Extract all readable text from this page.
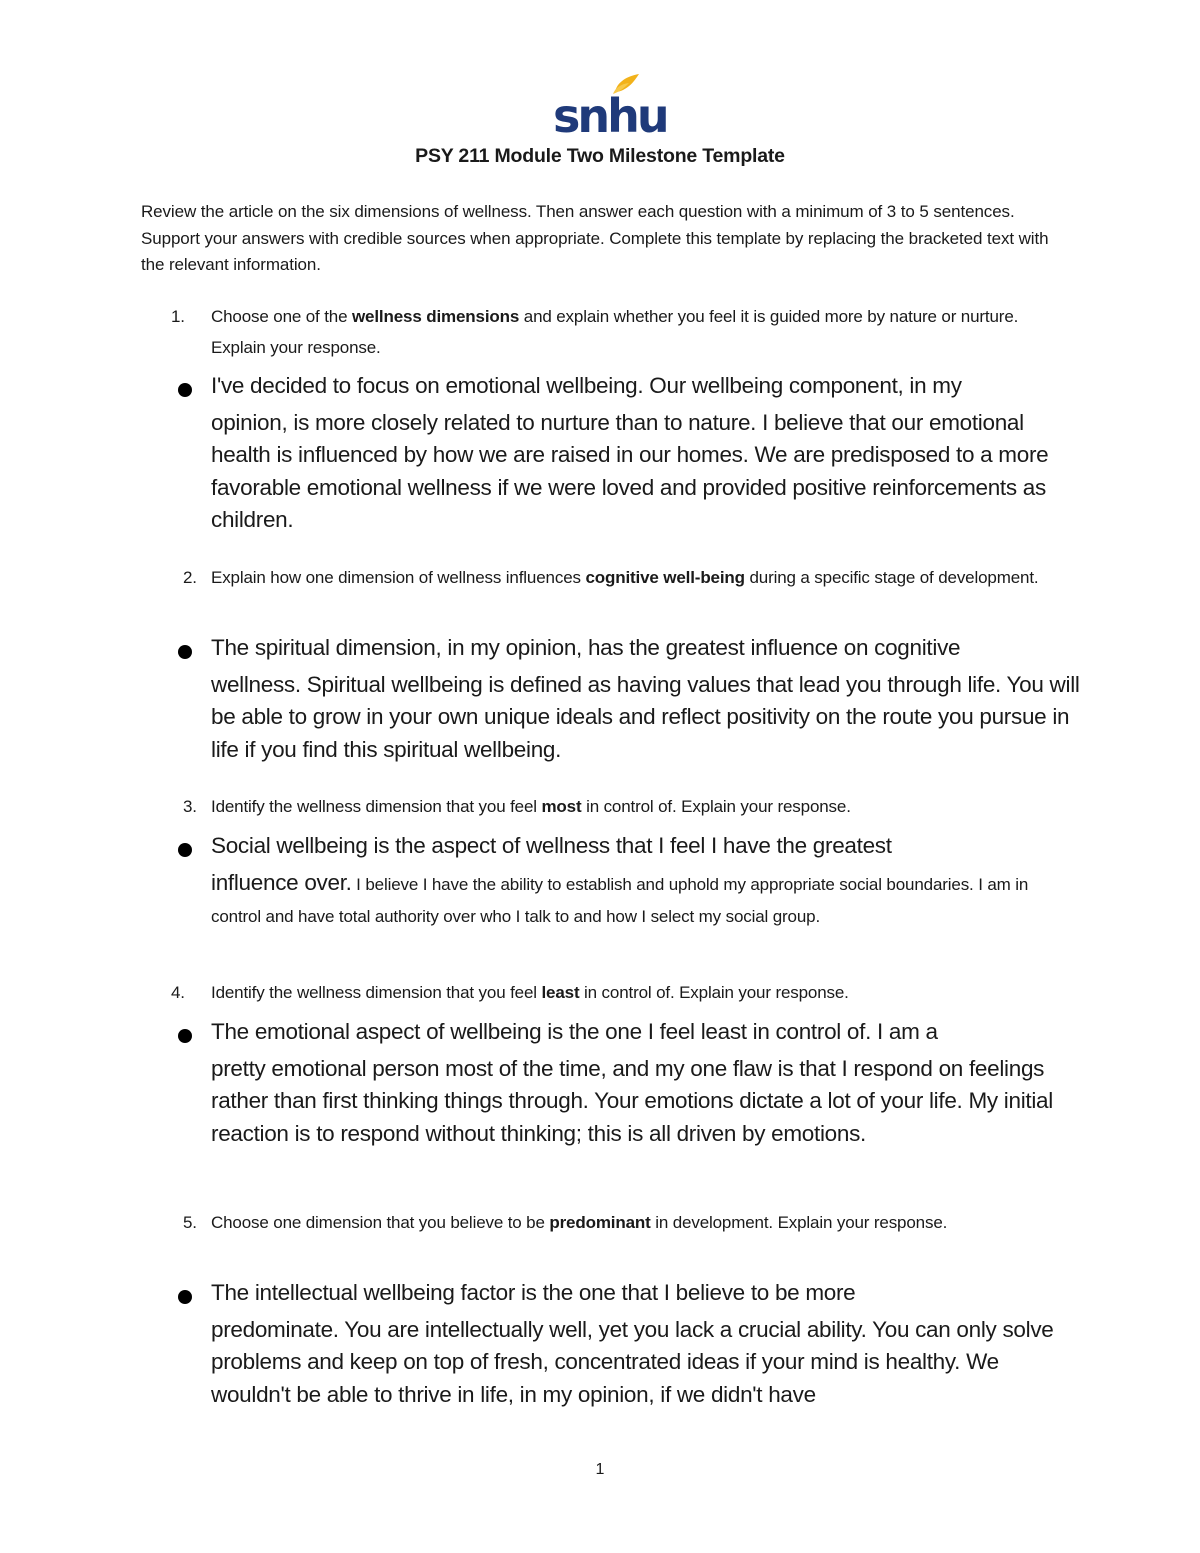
snhu
PSY 211 Module Two Milestone Template
Review the article on the six dimensions of wellness. Then answer each question with a minimum of 3 to 5 sentences. Support your answers with credible sources when appropriate. Complete this template by replacing the bracketed text with the relevant information.
1.	Choose one of the wellness dimensions and explain whether you feel it is guided more by nature or nurture. Explain your response.
I've decided to focus on emotional wellbeing. Our wellbeing component, in my
opinion, is more closely related to nurture than to nature. I believe that our emotional health is influenced by how we are raised in our homes. We are predisposed to a more favorable emotional wellness if we were loved and provided positive reinforcements as children.
2. Explain how one dimension of wellness influences cognitive well-being during a specific stage of development.
The spiritual dimension, in my opinion, has the greatest influence on cognitive
wellness. Spiritual wellbeing is defined as having values that lead you through life. You will be able to grow in your own unique ideals and reflect positivity on the route you pursue in life if you find this spiritual wellbeing.
3. Identify the wellness dimension that you feel most in control of. Explain your response.
Social wellbeing is the aspect of wellness that I feel I have the greatest
influence over. I believe I have the ability to establish and uphold my appropriate social boundaries. I am in control and have total authority over who I talk to and how I select my social group.
4.	Identify the wellness dimension that you feel least in control of. Explain your response.
The emotional aspect of wellbeing is the one I feel least in control of. I am a
pretty emotional person most of the time, and my one flaw is that I respond on feelings rather than first thinking things through. Your emotions dictate a lot of your life. My initial reaction is to respond without thinking; this is all driven by emotions.
5. Choose one dimension that you believe to be predominant in development. Explain your response.
The intellectual wellbeing factor is the one that I believe to be more
predominate. You are intellectually well, yet you lack a crucial ability. You can only solve problems and keep on top of fresh, concentrated ideas if your mind is healthy. We wouldn't be able to thrive in life, in my opinion, if we didn't have
1
